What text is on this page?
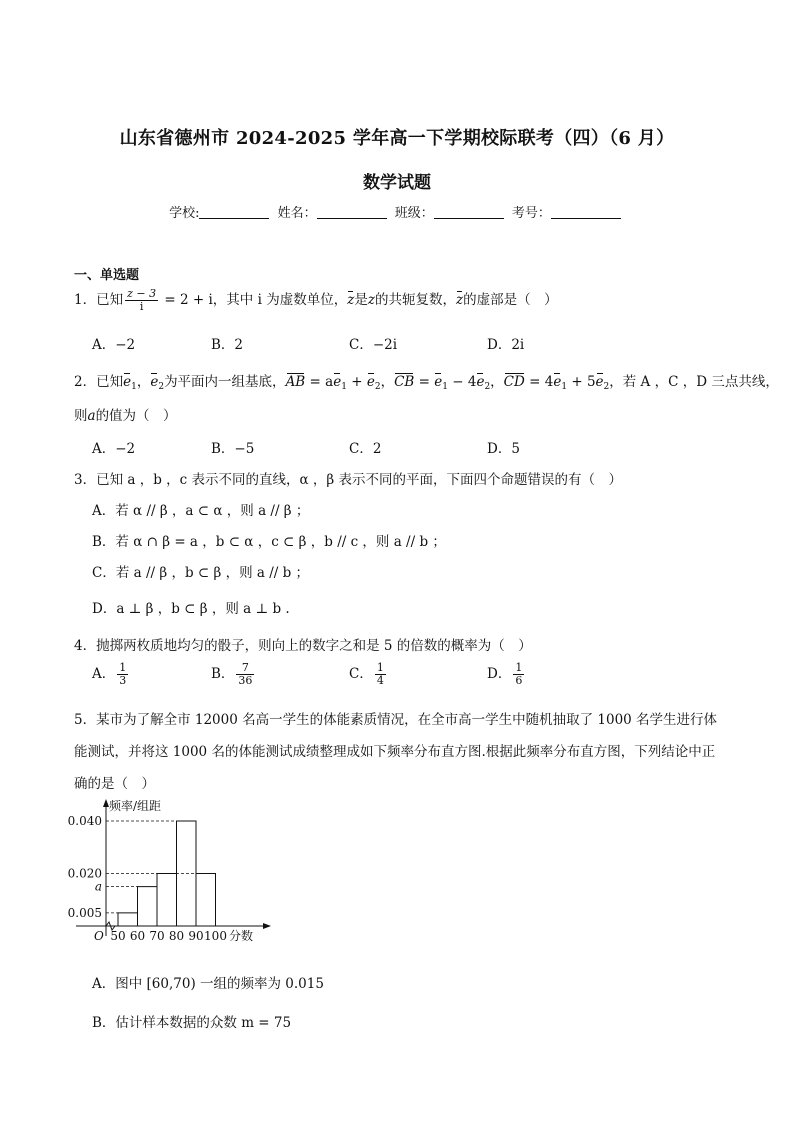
山东省德州市 2024-2025 学年高一下学期校际联考（四）（6 月）
数学试题
学校:	姓名：	班级：	考号：
一、单选题
1．已知 $\frac{z - 3}{i} = 2 + i$，其中 i 为虚数单位，z是z的共轭复数，z的虚部是（　）
A．−2	B．2	C．−2i	D．2i
2．已知$e_1$，$e_2$为平面内一组基底，AB = $ae_1 + e_2$，CB = $e_1 - 4e_2$，CD = $4e_1 + 5e_2$，若 A ，C ，D 三点共线，
则a的值为（　）
A．−2	B．−5	C．2	D．5
3．已知 a ，b ，c 表示不同的直线，α ，β 表示不同的平面，下面四个命题错误的有（　）
A．若 α // β ，a ⊂ α ，则 a // β ；
B．若 α ∩ β = a ，b ⊂ α ，c ⊂ β ，b // c ，则 a // b ；
C．若 a // β ，b ⊂ β ，则 a // b ；
D．a ⊥ β ，b ⊂ β ，则 a ⊥ b .
4．抛掷两枚质地均匀的骰子，则向上的数字之和是 5 的倍数的概率为（　）
A． $\frac{1}{3}$	B． $\frac{7}{36}$	C． $\frac{1}{4}$	D． $\frac{1}{6}$
5．某市为了解全市 12000 名高一学生的体能素质情况，在全市高一学生中随机抽取了 1000 名学生进行体
能测试，并将这 1000 名的体能测试成绩整理成如下频率分布直方图.根据此频率分布直方图，下列结论中正
确的是（　）
频率/组距
O
0.040
0.020
a
0.005
50 60 70 80 90 100 分数
A．图中 [60,70) 一组的频率为 0.015
B．估计样本数据的众数 m = 75
